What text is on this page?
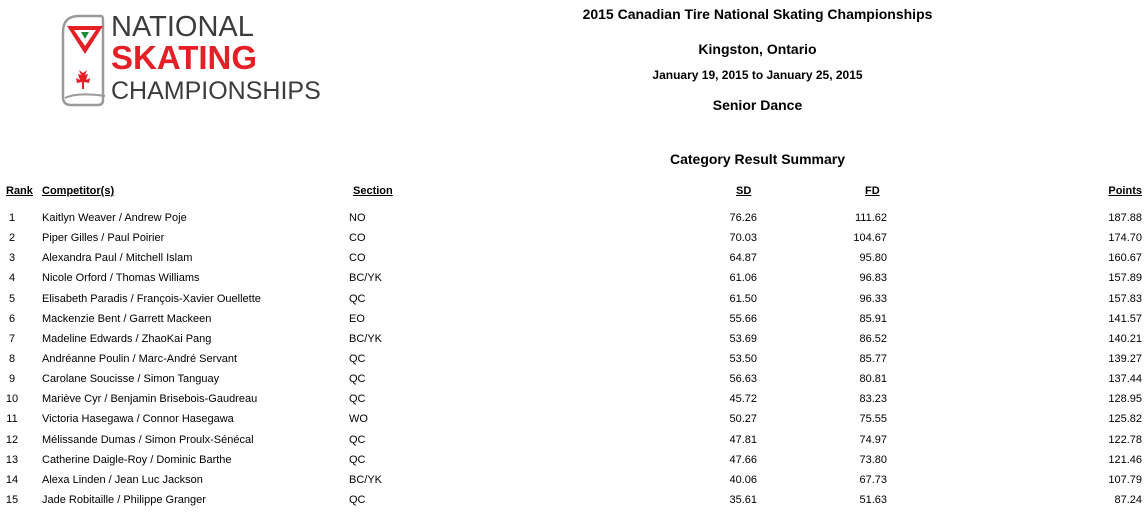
NATIONAL
SKATING
CHAMPIONSHIPS
2015 Canadian Tire National Skating Championships
Kingston, Ontario
January 19, 2015 to January 25, 2015
Senior Dance
Category Result Summary
Rank Competitor(s)	Section	SD	FD	Points
1	Kaitlyn Weaver / Andrew Poje	NO	76.26	111.62	187.88
2	Piper Gilles / Paul Poirier	CO	70.03	104.67	174.70
3	Alexandra Paul / Mitchell Islam	CO	64.87	95.80	160.67
4	Nicole Orford / Thomas Williams	BC/YK	61.06	96.83	157.89
5	Elisabeth Paradis / François-Xavier Ouellette	QC	61.50	96.33	157.83
6	Mackenzie Bent / Garrett Mackeen	EO	55.66	85.91	141.57
7	Madeline Edwards / ZhaoKai Pang	BC/YK	53.69	86.52	140.21
8	Andréanne Poulin / Marc-André Servant	QC	53.50	85.77	139.27
9	Carolane Soucisse / Simon Tanguay	QC	56.63	80.81	137.44
10	Marièvе Cyr / Benjamin Brisebois-Gaudreau	QC	45.72	83.23	128.95
11	Victoria Hasegawa / Connor Hasegawa	WO	50.27	75.55	125.82
12	Mélissande Dumas / Simon Proulx-Sénécal	QC	47.81	74.97	122.78
13	Catherine Daigle-Roy / Dominic Barthe	QC	47.66	73.80	121.46
14	Alexa Linden / Jean Luc Jackson	BC/YK	40.06	67.73	107.79
15	Jade Robitaille / Philippe Granger	QC	35.61	51.63	87.24
